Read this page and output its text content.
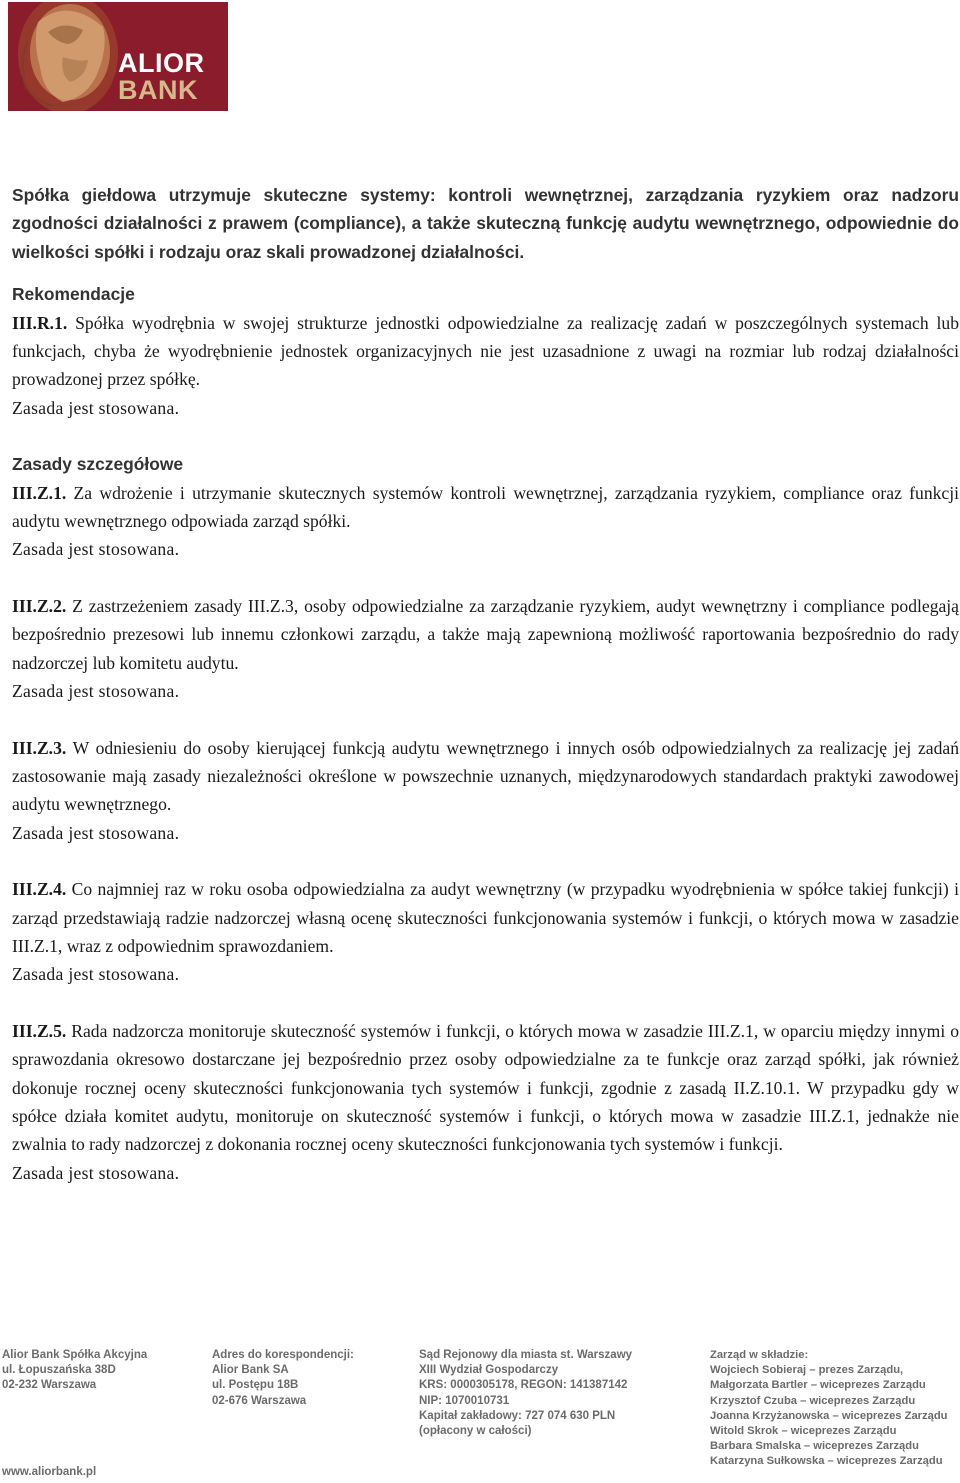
ALIOR
BANK

Spółka giełdowa utrzymuje skuteczne systemy: kontroli wewnętrznej, zarządzania ryzykiem oraz nadzoru zgodności działalności z prawem (compliance), a także skuteczną funkcję audytu wewnętrznego, odpowiednie do wielkości spółki i rodzaju oraz skali prowadzonej działalności.

Rekomendacje

III.R.1. Spółka wyodrębnia w swojej strukturze jednostki odpowiedzialne za realizację zadań w poszczególnych systemach lub funkcjach, chyba że wyodrębnienie jednostek organizacyjnych nie jest uzasadnione z uwagi na rozmiar lub rodzaj działalności prowadzonej przez spółkę.

Zasada jest stosowana.

Zasady szczegółowe

III.Z.1. Za wdrożenie i utrzymanie skutecznych systemów kontroli wewnętrznej, zarządzania ryzykiem, compliance oraz funkcji audytu wewnętrznego odpowiada zarząd spółki.

Zasada jest stosowana.

III.Z.2. Z zastrzeżeniem zasady III.Z.3, osoby odpowiedzialne za zarządzanie ryzykiem, audyt wewnętrzny i compliance podlegają bezpośrednio prezesowi lub innemu członkowi zarządu, a także mają zapewnioną możliwość raportowania bezpośrednio do rady nadzorczej lub komitetu audytu.

Zasada jest stosowana.

III.Z.3. W odniesieniu do osoby kierującej funkcją audytu wewnętrznego i innych osób odpowiedzialnych za realizację jej zadań zastosowanie mają zasady niezależności określone w powszechnie uznanych, międzynarodowych standardach praktyki zawodowej audytu wewnętrznego.

Zasada jest stosowana.

III.Z.4. Co najmniej raz w roku osoba odpowiedzialna za audyt wewnętrzny (w przypadku wyodrębnienia w spółce takiej funkcji) i zarząd przedstawiają radzie nadzorczej własną ocenę skuteczności funkcjonowania systemów i funkcji, o których mowa w zasadzie III.Z.1, wraz z odpowiednim sprawozdaniem.

Zasada jest stosowana.

III.Z.5. Rada nadzorcza monitoruje skuteczność systemów i funkcji, o których mowa w zasadzie III.Z.1, w oparciu między innymi o sprawozdania okresowo dostarczane jej bezpośrednio przez osoby odpowiedzialne za te funkcje oraz zarząd spółki, jak również dokonuje rocznej oceny skuteczności funkcjonowania tych systemów i funkcji, zgodnie z zasadą II.Z.10.1. W przypadku gdy w spółce działa komitet audytu, monitoruje on skuteczność systemów i funkcji, o których mowa w zasadzie III.Z.1, jednakże nie zwalnia to rady nadzorczej z dokonania rocznej oceny skuteczności funkcjonowania tych systemów i funkcji.

Zasada jest stosowana.

Alior Bank Spółka Akcyjna
ul. Łopuszańska 38D
02-232 Warszawa
Adres do korespondencji:
Alior Bank SA
ul. Postępu 18B
02-676 Warszawa
Sąd Rejonowy dla miasta st. Warszawy
XIII Wydział Gospodarczy
KRS: 0000305178, REGON: 141387142
NIP: 1070010731
Kapitał zakładowy: 727 074 630 PLN
(opłacony w całości)
Zarząd w składzie:
Wojciech Sobieraj – prezes Zarządu,
Małgorzata Bartler – wiceprezes Zarządu
Krzysztof Czuba – wiceprezes Zarządu
Joanna Krzyżanowska – wiceprezes Zarządu
Witold Skrok – wiceprezes Zarządu
Barbara Smalska – wiceprezes Zarządu
Katarzyna Sułkowska – wiceprezes Zarządu
www.aliorbank.pl
